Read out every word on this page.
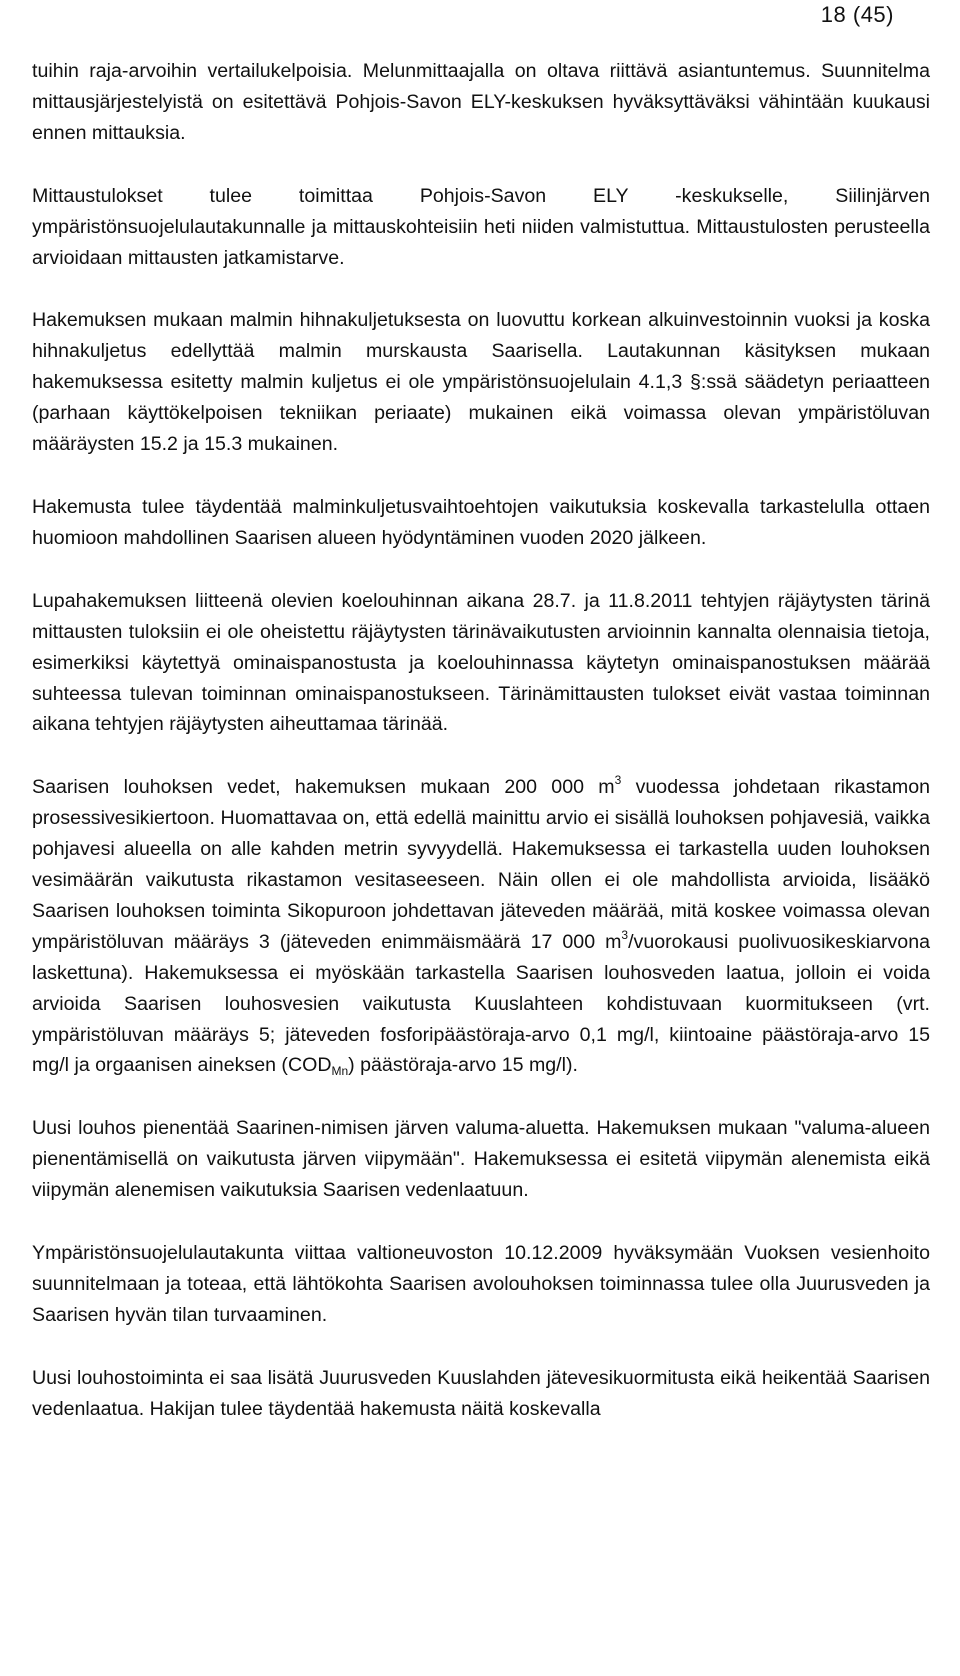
18 (45)

tuihin raja-arvoihin vertailukelpoisia. Melunmittaajalla on oltava riittävä asiantuntemus. Suunnitelma mittausjärjestelyistä on esitettävä Pohjois-Savon ELY-keskuksen hyväksyttäväksi vähintään kuukausi ennen mittauksia.

Mittaustulokset tulee toimittaa Pohjois-Savon ELY -keskukselle, Siilinjärven ympäristönsuojelulautakunnalle ja mittauskohteisiin heti niiden valmistuttua. Mittaustulosten perusteella arvioidaan mittausten jatkamistarve.

Hakemuksen mukaan malmin hihnakuljetuksesta on luovuttu korkean alkuinvestoinnin vuoksi ja koska hihnakuljetus edellyttää malmin murskausta Saarisella. Lautakunnan käsityksen mukaan hakemuksessa esitetty malmin kuljetus ei ole ympäristönsuojelulain 4.1,3 §:ssä säädetyn periaatteen (parhaan käyttökelpoisen tekniikan periaate) mukainen eikä voimassa olevan ympäristöluvan määräysten 15.2 ja 15.3 mukainen.

Hakemusta tulee täydentää malminkuljetusvaihtoehtojen vaikutuksia koskevalla tarkastelulla ottaen huomioon mahdollinen Saarisen alueen hyödyntäminen vuoden 2020 jälkeen.

Lupahakemuksen liitteenä olevien koelouhinnan aikana 28.7. ja 11.8.2011 tehtyjen räjäytysten tärinä mittausten tuloksiin ei ole oheistettu räjäytysten tärinävaikutusten arvioinnin kannalta olennaisia tietoja, esimerkiksi käytettyä ominaispanostusta ja koelouhinnassa käytetyn ominaispanostuksen määrää suhteessa tulevan toiminnan ominaispanostukseen. Tärinämittausten tulokset eivät vastaa toiminnan aikana tehtyjen räjäytysten aiheuttamaa tärinää.

Saarisen louhoksen vedet, hakemuksen mukaan 200 000 $m^3$ vuodessa johdetaan rikastamon prosessivesikiertoon. Huomattavaa on, että edellä mainittu arvio ei sisällä louhoksen pohjavesiä, vaikka pohjavesi alueella on alle kahden metrin syvyydellä. Hakemuksessa ei tarkastella uuden louhoksen vesimäärän vaikutusta rikastamon vesitaseeseen. Näin ollen ei ole mahdollista arvioida, lisääkö Saarisen louhoksen toiminta Sikopuroon johdettavan jäteveden määrää, mitä koskee voimassa olevan ympäristöluvan määräys 3 (jäteveden enimmäismäärä 17 000 $m^3$/vuorokausi puolivuosikeskiarvona laskettuna). Hakemuksessa ei myöskään tarkastella Saarisen louhosveden laatua, jolloin ei voida arvioida Saarisen louhosvesien vaikutusta Kuuslahteen kohdistuvaan kuormitukseen (vrt. ympäristöluvan määräys 5; jäteveden fosforipäästöraja-arvo 0,1 mg/l, kiintoaine päästöraja-arvo 15 mg/l ja orgaanisen aineksen $(COD_{Mn})$ päästöraja-arvo 15 mg/l).

Uusi louhos pienentää Saarinen-nimisen järven valuma-aluetta. Hakemuksen mukaan "valuma-alueen pienentämisellä on vaikutusta järven viipymään". Hakemuksessa ei esitetä viipymän alenemista eikä viipymän alenemisen vaikutuksia Saarisen vedenlaatuun.

Ympäristönsuojelulautakunta viittaa valtioneuvoston 10.12.2009 hyväksymään Vuoksen vesienhoito suunnitelmaan ja toteaa, että lähtökohta Saarisen avolouhoksen toiminnassa tulee olla Juurusveden ja Saarisen hyvän tilan turvaaminen.

Uusi louhostoiminta ei saa lisätä Juurusveden Kuuslahden jätevesikuormitusta eikä heikentää Saarisen vedenlaatua. Hakijan tulee täydentää hakemusta näitä koskevalla
